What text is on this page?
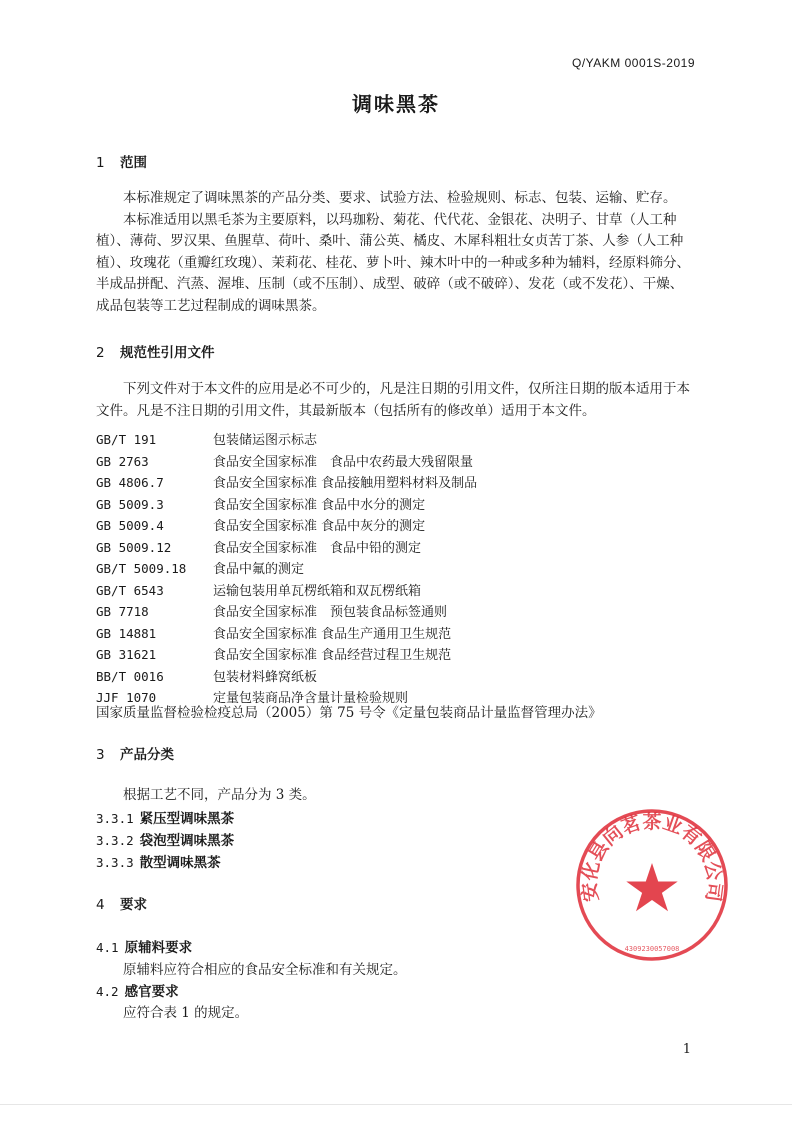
Q/YAKM 0001S-2019
调味黑茶
1 范围

本标准规定了调味黑茶的产品分类、要求、试验方法、检验规则、标志、包装、运输、贮存。

本标准适用以黑毛茶为主要原料，以玛珈粉、菊花、代代花、金银花、决明子、甘草（人工种植）、薄荷、罗汉果、鱼腥草、荷叶、桑叶、蒲公英、橘皮、木犀科粗壮女贞苦丁茶、人参（人工种植）、玫瑰花（重瓣红玫瑰）、茉莉花、桂花、萝卜叶、辣木叶中的一种或多种为辅料，经原料筛分、半成品拼配、汽蒸、渥堆、压制（或不压制）、成型、破碎（或不破碎）、发花（或不发花）、干燥、成品包装等工艺过程制成的调味黑茶。

2 规范性引用文件

下列文件对于本文件的应用是必不可少的，凡是注日期的引用文件，仅所注日期的版本适用于本文件。凡是不注日期的引用文件，其最新版本（包括所有的修改单）适用于本文件。

GB/T 191	包装储运图示标志
GB 2763	食品安全国家标准　食品中农药最大残留限量
GB 4806.7	食品安全国家标准 食品接触用塑料材料及制品
GB 5009.3	食品安全国家标准 食品中水分的测定
GB 5009.4	食品安全国家标准 食品中灰分的测定
GB 5009.12	食品安全国家标准　食品中铅的测定
GB/T 5009.18 食品中氟的测定
GB/T 6543	运输包装用单瓦楞纸箱和双瓦楞纸箱
GB 7718	食品安全国家标准　预包装食品标签通则
GB 14881	食品安全国家标准 食品生产通用卫生规范
GB 31621	食品安全国家标准 食品经营过程卫生规范
BB/T 0016	包装材料蜂窝纸板
JJF 1070	定量包装商品净含量计量检验规则
国家质量监督检验检疫总局（2005）第 75 号令《定量包装商品计量监督管理办法》
3 产品分类
根据工艺不同，产品分为 3 类。
3.3.1 紧压型调味黑茶
3.3.2 袋泡型调味黑茶
3.3.3 散型调味黑茶
4 要求
4.1 原辅料要求
原辅料应符合相应的食品安全标准和有关规定。
4.2 感官要求
应符合表 1 的规定。
安化县向茗茶业有限公司
4309230057008
1
